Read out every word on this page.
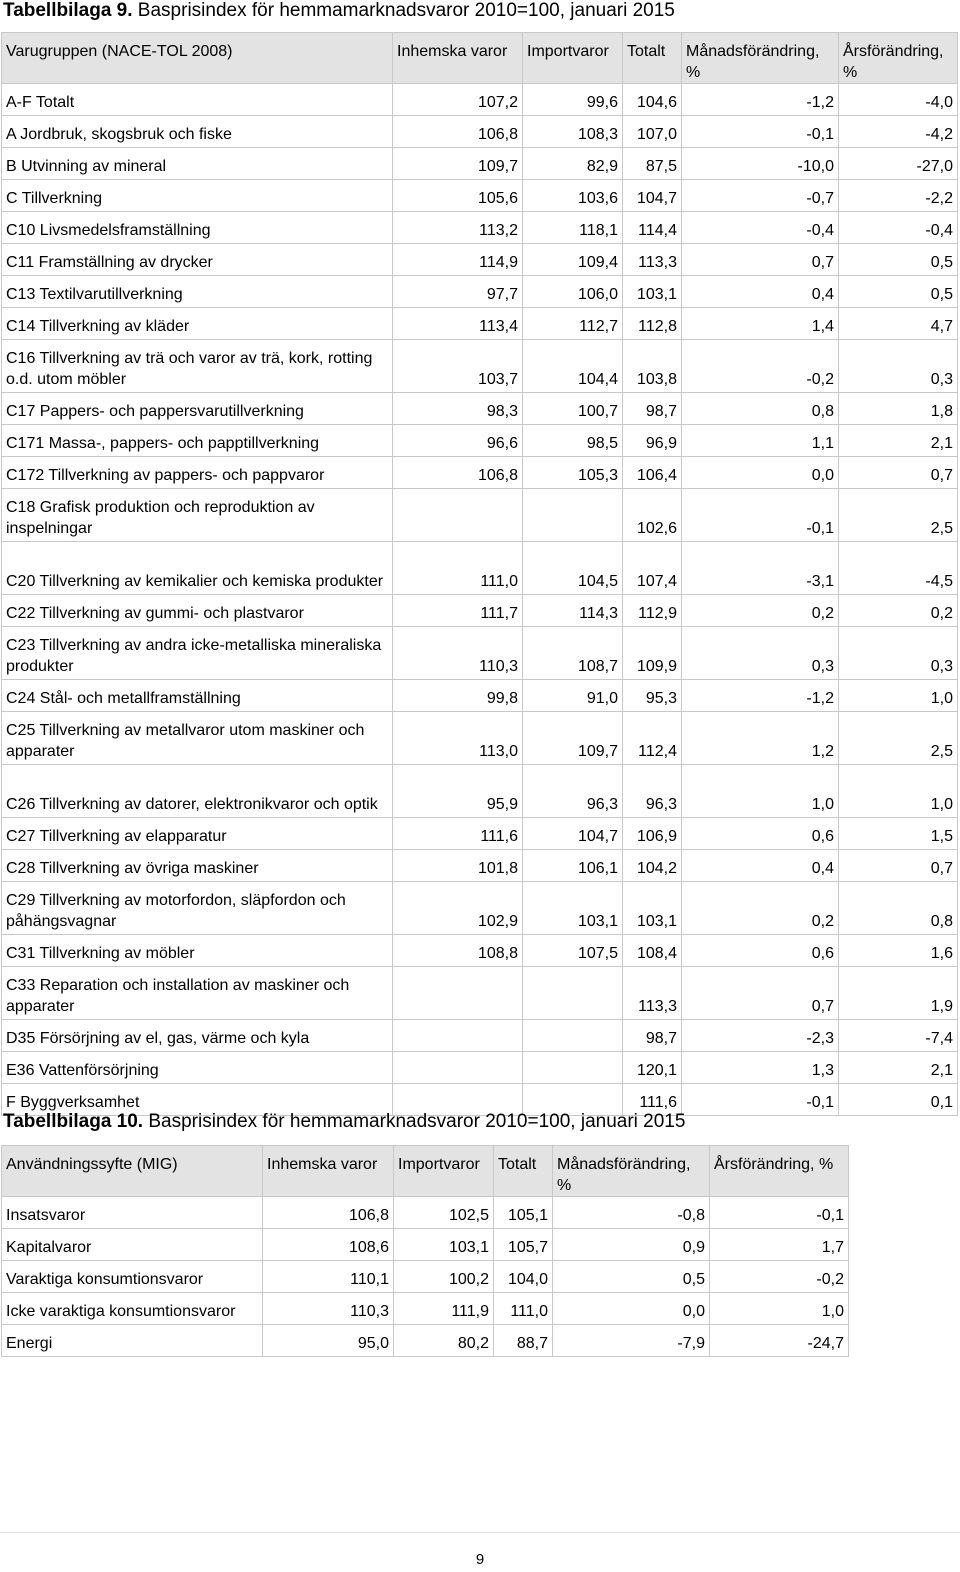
Tabellbilaga 9. Basprisindex för hemmamarknadsvaror 2010=100, januari 2015
Varugruppen (NACE-TOL 2008)	Inhemska varor	Importvaror	Totalt	Månadsförändring, %	Årsförändring, %
A-F Totalt	107,2	99,6	104,6	-1,2	-4,0
A Jordbruk, skogsbruk och fiske	106,8	108,3	107,0	-0,1	-4,2
B Utvinning av mineral	109,7	82,9	87,5	-10,0	-27,0
C Tillverkning	105,6	103,6	104,7	-0,7	-2,2
C10 Livsmedelsframställning	113,2	118,1	114,4	-0,4	-0,4
C11 Framställning av drycker	114,9	109,4	113,3	0,7	0,5
C13 Textilvarutillverkning	97,7	106,0	103,1	0,4	0,5
C14 Tillverkning av kläder	113,4	112,7	112,8	1,4	4,7
C16 Tillverkning av trä och varor av trä, kork, rotting o.d. utom möbler	103,7	104,4	103,8	-0,2	0,3
C17 Pappers- och pappersvarutillverkning	98,3	100,7	98,7	0,8	1,8
C171 Massa-, pappers- och papptillverkning	96,6	98,5	96,9	1,1	2,1
C172 Tillverkning av pappers- och pappvaror	106,8	105,3	106,4	0,0	0,7
C18 Grafisk produktion och reproduktion av inspelningar			102,6	-0,1	2,5
C20 Tillverkning av kemikalier och kemiska produkter	111,0	104,5	107,4	-3,1	-4,5
C22 Tillverkning av gummi- och plastvaror	111,7	114,3	112,9	0,2	0,2
C23 Tillverkning av andra icke-metalliska mineraliska produkter	110,3	108,7	109,9	0,3	0,3
C24 Stål- och metallframställning	99,8	91,0	95,3	-1,2	1,0
C25 Tillverkning av metallvaror utom maskiner och apparater	113,0	109,7	112,4	1,2	2,5
C26 Tillverkning av datorer, elektronikvaror och optik	95,9	96,3	96,3	1,0	1,0
C27 Tillverkning av elapparatur	111,6	104,7	106,9	0,6	1,5
C28 Tillverkning av övriga maskiner	101,8	106,1	104,2	0,4	0,7
C29 Tillverkning av motorfordon, släpfordon och påhängsvagnar	102,9	103,1	103,1	0,2	0,8
C31 Tillverkning av möbler	108,8	107,5	108,4	0,6	1,6
C33 Reparation och installation av maskiner och apparater			113,3	0,7	1,9
D35 Försörjning av el, gas, värme och kyla			98,7	-2,3	-7,4
E36 Vattenförsörjning			120,1	1,3	2,1
F Byggverksamhet			111,6	-0,1	0,1
Tabellbilaga 10. Basprisindex för hemmamarknadsvaror 2010=100, januari 2015
Användningssyfte (MIG)	Inhemska varor	Importvaror	Totalt	Månadsförändring, %	Årsförändring, %
Insatsvaror	106,8	102,5	105,1	-0,8	-0,1
Kapitalvaror	108,6	103,1	105,7	0,9	1,7
Varaktiga konsumtionsvaror	110,1	100,2	104,0	0,5	-0,2
Icke varaktiga konsumtionsvaror	110,3	111,9	111,0	0,0	1,0
Energi	95,0	80,2	88,7	-7,9	-24,7
9
